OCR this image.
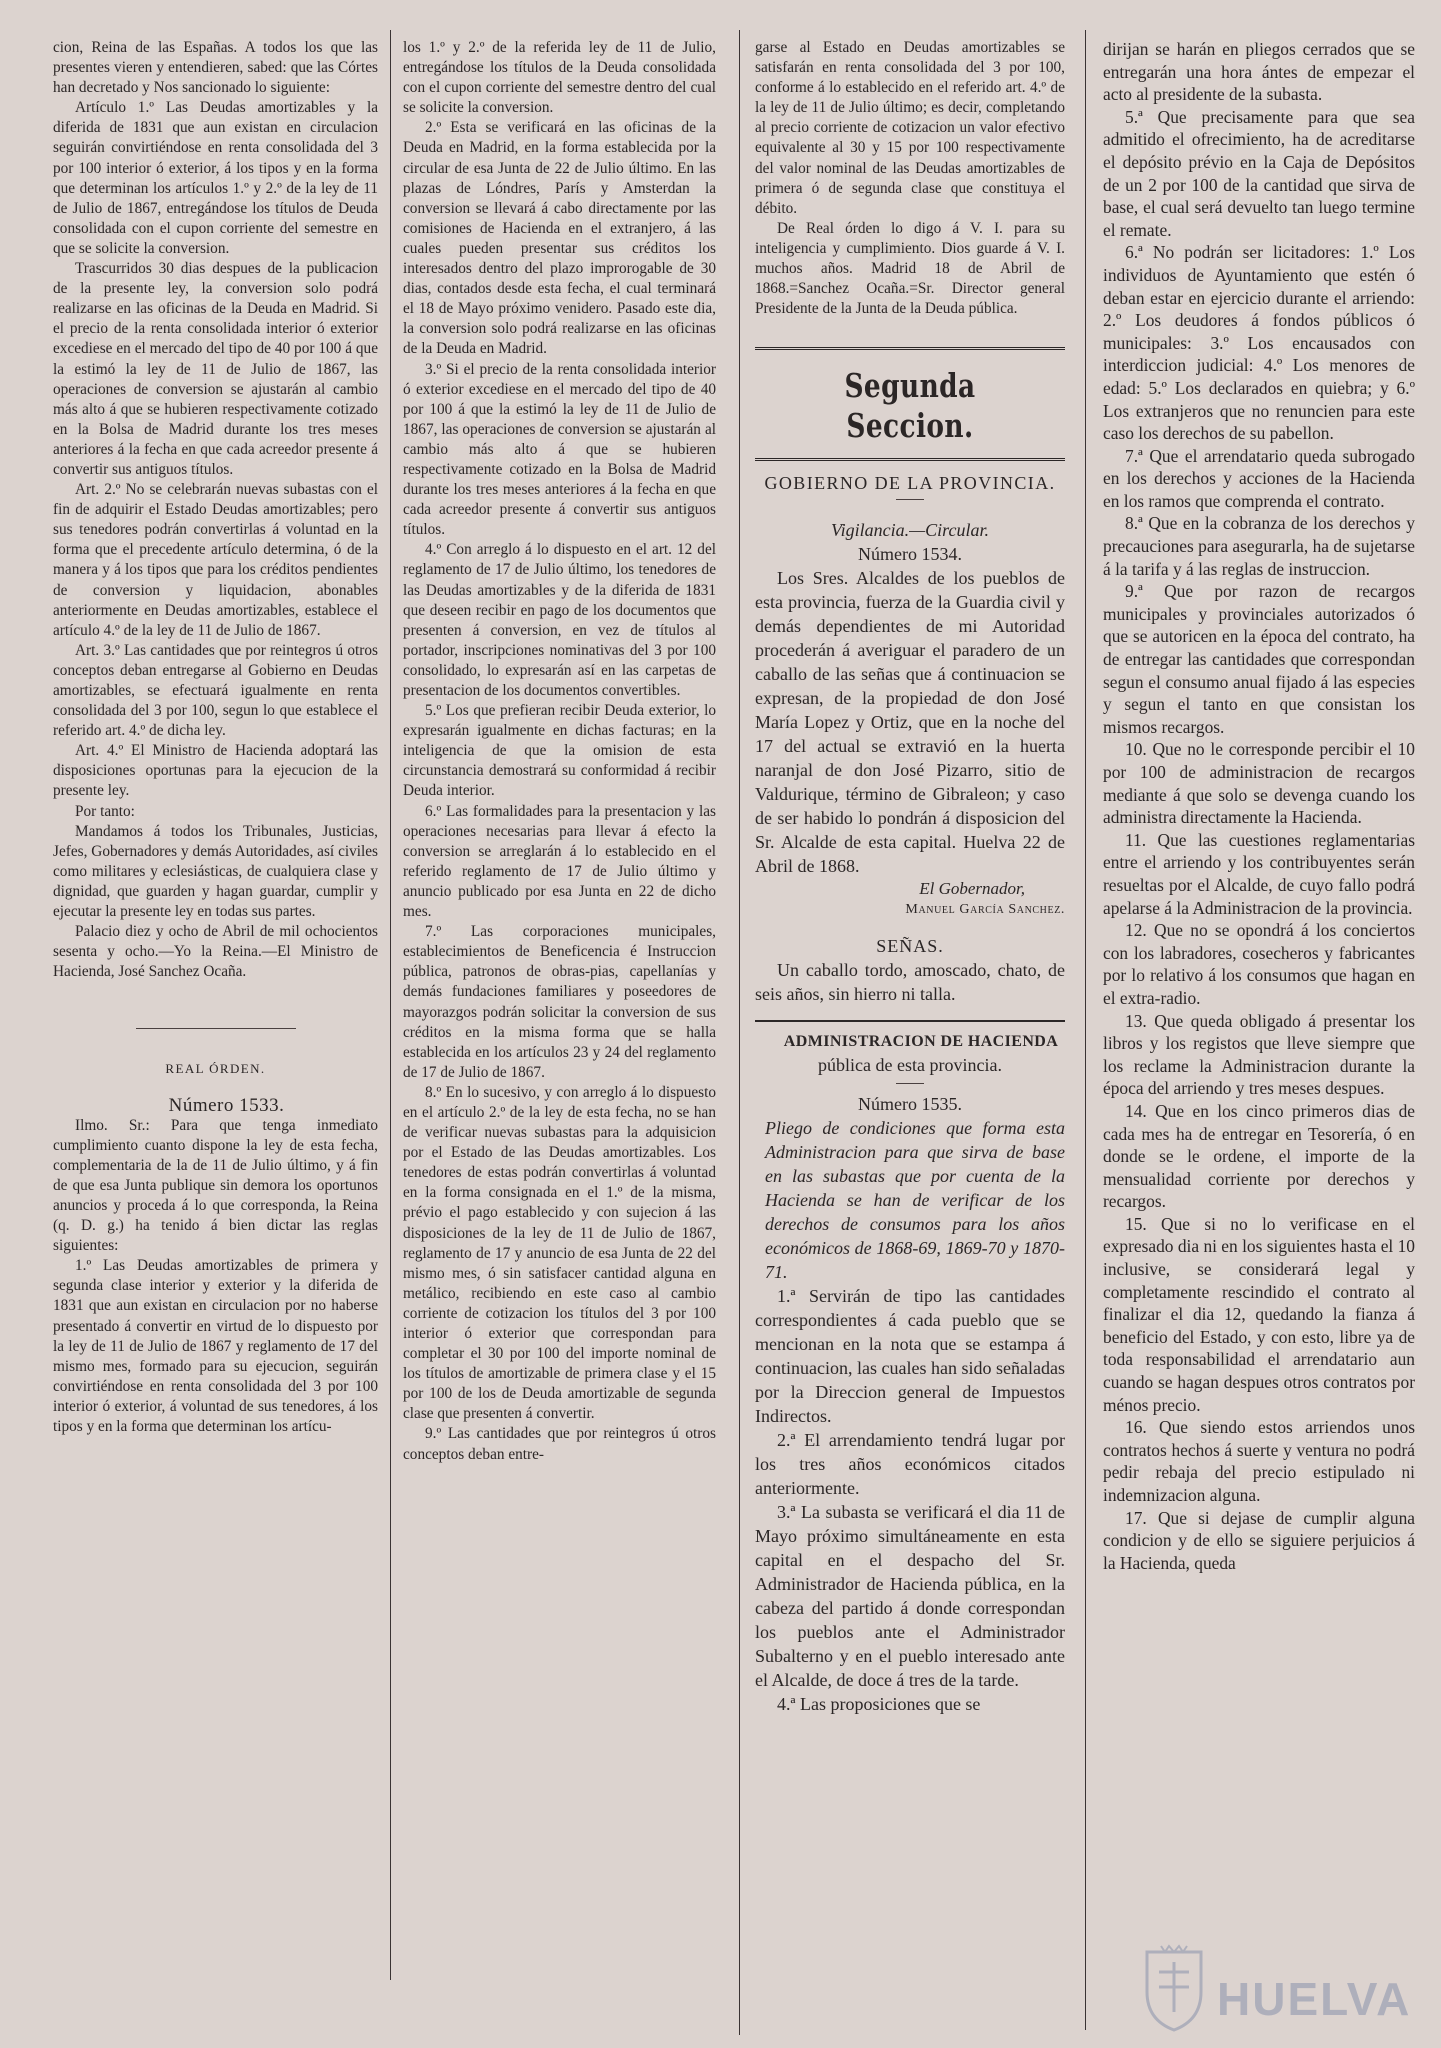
cion, Reina de las Españas. A todos los que las presentes vieren y entendieren, sabed: que las Córtes han decretado y Nos sancionado lo siguiente:

Artículo 1.º Las Deudas amortizables y la diferida de 1831 que aun existan en circulacion seguirán convirtiéndose en renta consolidada del 3 por 100 interior ó exterior, á los tipos y en la forma que determinan los artículos 1.º y 2.º de la ley de 11 de Julio de 1867, entregándose los títulos de Deuda consolidada con el cupon corriente del semestre en que se solicite la conversion.

Trascurridos 30 dias despues de la publicacion de la presente ley, la conversion solo podrá realizarse en las oficinas de la Deuda en Madrid. Si el precio de la renta consolidada interior ó exterior excediese en el mercado del tipo de 40 por 100 á que la estimó la ley de 11 de Julio de 1867, las operaciones de conversion se ajustarán al cambio más alto á que se hubieren respectivamente cotizado en la Bolsa de Madrid durante los tres meses anteriores á la fecha en que cada acreedor presente á convertir sus antiguos títulos.

Art. 2.º No se celebrarán nuevas subastas con el fin de adquirir el Estado Deudas amortizables; pero sus tenedores podrán convertirlas á voluntad en la forma que el precedente artículo determina, ó de la manera y á los tipos que para los créditos pendientes de conversion y liquidacion, abonables anteriormente en Deudas amortizables, establece el artículo 4.º de la ley de 11 de Julio de 1867.

Art. 3.º Las cantidades que por reintegros ú otros conceptos deban entregarse al Gobierno en Deudas amortizables, se efectuará igualmente en renta consolidada del 3 por 100, segun lo que establece el referido art. 4.º de dicha ley.

Art. 4.º El Ministro de Hacienda adoptará las disposiciones oportunas para la ejecucion de la presente ley.

Por tanto:

Mandamos á todos los Tribunales, Justicias, Jefes, Gobernadores y demás Autoridades, así civiles como militares y eclesiásticas, de cualquiera clase y dignidad, que guarden y hagan guardar, cumplir y ejecutar la presente ley en todas sus partes.

Palacio diez y ocho de Abril de mil ochocientos sesenta y ocho.—Yo la Reina.—El Ministro de Hacienda, José Sanchez Ocaña.

REAL ÓRDEN.

Número 1533.

Ilmo. Sr.: Para que tenga inmediato cumplimiento cuanto dispone la ley de esta fecha, complementaria de la de 11 de Julio último, y á fin de que esa Junta publique sin demora los oportunos anuncios y proceda á lo que corresponda, la Reina (q. D. g.) ha tenido á bien dictar las reglas siguientes:

1.º Las Deudas amortizables de primera y segunda clase interior y exterior y la diferida de 1831 que aun existan en circulacion por no haberse presentado á convertir en virtud de lo dispuesto por la ley de 11 de Julio de 1867 y reglamento de 17 del mismo mes, formado para su ejecucion, seguirán convirtiéndose en renta consolidada del 3 por 100 interior ó exterior, á voluntad de sus tenedores, á los tipos y en la forma que determinan los artícu-

los 1.º y 2.º de la referida ley de 11 de Julio, entregándose los títulos de la Deuda consolidada con el cupon corriente del semestre dentro del cual se solicite la conversion.

2.º Esta se verificará en las oficinas de la Deuda en Madrid, en la forma establecida por la circular de esa Junta de 22 de Julio último. En las plazas de Lóndres, París y Amsterdan la conversion se llevará á cabo directamente por las comisiones de Hacienda en el extranjero, á las cuales pueden presentar sus créditos los interesados dentro del plazo improrogable de 30 dias, contados desde esta fecha, el cual terminará el 18 de Mayo próximo venidero. Pasado este dia, la conversion solo podrá realizarse en las oficinas de la Deuda en Madrid.

3.º Si el precio de la renta consolidada interior ó exterior excediese en el mercado del tipo de 40 por 100 á que la estimó la ley de 11 de Julio de 1867, las operaciones de conversion se ajustarán al cambio más alto á que se hubieren respectivamente cotizado en la Bolsa de Madrid durante los tres meses anteriores á la fecha en que cada acreedor presente á convertir sus antiguos títulos.

4.º Con arreglo á lo dispuesto en el art. 12 del reglamento de 17 de Julio último, los tenedores de las Deudas amortizables y de la diferida de 1831 que deseen recibir en pago de los documentos que presenten á conversion, en vez de títulos al portador, inscripciones nominativas del 3 por 100 consolidado, lo expresarán así en las carpetas de presentacion de los documentos convertibles.

5.º Los que prefieran recibir Deuda exterior, lo expresarán igualmente en dichas facturas; en la inteligencia de que la omision de esta circunstancia demostrará su conformidad á recibir Deuda interior.

6.º Las formalidades para la presentacion y las operaciones necesarias para llevar á efecto la conversion se arreglarán á lo establecido en el referido reglamento de 17 de Julio último y anuncio publicado por esa Junta en 22 de dicho mes.

7.º Las corporaciones municipales, establecimientos de Beneficencia é Instruccion pública, patronos de obras-pias, capellanías y demás fundaciones familiares y poseedores de mayorazgos podrán solicitar la conversion de sus créditos en la misma forma que se halla establecida en los artículos 23 y 24 del reglamento de 17 de Julio de 1867.

8.º En lo sucesivo, y con arreglo á lo dispuesto en el artículo 2.º de la ley de esta fecha, no se han de verificar nuevas subastas para la adquisicion por el Estado de las Deudas amortizables. Los tenedores de estas podrán convertirlas á voluntad en la forma consignada en el 1.º de la misma, prévio el pago establecido y con sujecion á las disposiciones de la ley de 11 de Julio de 1867, reglamento de 17 y anuncio de esa Junta de 22 del mismo mes, ó sin satisfacer cantidad alguna en metálico, recibiendo en este caso al cambio corriente de cotizacion los títulos del 3 por 100 interior ó exterior que correspondan para completar el 30 por 100 del importe nominal de los títulos de amortizable de primera clase y el 15 por 100 de los de Deuda amortizable de segunda clase que presenten á convertir.

9.º Las cantidades que por reintegros ú otros conceptos deban entre-

garse al Estado en Deudas amortizables se satisfarán en renta consolidada del 3 por 100, conforme á lo establecido en el referido art. 4.º de la ley de 11 de Julio último; es decir, completando al precio corriente de cotizacion un valor efectivo equivalente al 30 y 15 por 100 respectivamente del valor nominal de las Deudas amortizables de primera ó de segunda clase que constituya el débito.

De Real órden lo digo á V. I. para su inteligencia y cumplimiento. Dios guarde á V. I. muchos años. Madrid 18 de Abril de 1868.=Sanchez Ocaña.=Sr. Director general Presidente de la Junta de la Deuda pública.

Segunda Seccion.

GOBIERNO DE LA PROVINCIA.

Vigilancia.—Circular.

Número 1534.

Los Sres. Alcaldes de los pueblos de esta provincia, fuerza de la Guardia civil y demás dependientes de mi Autoridad procederán á averiguar el paradero de un caballo de las señas que á continuacion se expresan, de la propiedad de don José María Lopez y Ortiz, que en la noche del 17 del actual se extravió en la huerta naranjal de don José Pizarro, sitio de Valdurique, término de Gibraleon; y caso de ser habido lo pondrán á disposicion del Sr. Alcalde de esta capital. Huelva 22 de Abril de 1868.

El Gobernador,

Manuel García Sanchez.

SEÑAS.

Un caballo tordo, amoscado, chato, de seis años, sin hierro ni talla.

ADMINISTRACION DE HACIENDA

pública de esta provincia.

Número 1535.

Pliego de condiciones que forma esta Administracion para que sirva de base en las subastas que por cuenta de la Hacienda se han de verificar de los derechos de consumos para los años económicos de 1868-69, 1869-70 y 1870-71.

1.ª Servirán de tipo las cantidades correspondientes á cada pueblo que se mencionan en la nota que se estampa á continuacion, las cuales han sido señaladas por la Direccion general de Impuestos Indirectos.

2.ª El arrendamiento tendrá lugar por los tres años económicos citados anteriormente.

3.ª La subasta se verificará el dia 11 de Mayo próximo simultáneamente en esta capital en el despacho del Sr. Administrador de Hacienda pública, en la cabeza del partido á donde correspondan los pueblos ante el Administrador Subalterno y en el pueblo interesado ante el Alcalde, de doce á tres de la tarde.

4.ª Las proposiciones que se

dirijan se harán en pliegos cerrados que se entregarán una hora ántes de empezar el acto al presidente de la subasta.

5.ª Que precisamente para que sea admitido el ofrecimiento, ha de acreditarse el depósito prévio en la Caja de Depósitos de un 2 por 100 de la cantidad que sirva de base, el cual será devuelto tan luego termine el remate.

6.ª No podrán ser licitadores: 1.º Los individuos de Ayuntamiento que estén ó deban estar en ejercicio durante el arriendo: 2.º Los deudores á fondos públicos ó municipales: 3.º Los encausados con interdiccion judicial: 4.º Los menores de edad: 5.º Los declarados en quiebra; y 6.º Los extranjeros que no renuncien para este caso los derechos de su pabellon.

7.ª Que el arrendatario queda subrogado en los derechos y acciones de la Hacienda en los ramos que comprenda el contrato.

8.ª Que en la cobranza de los derechos y precauciones para asegurarla, ha de sujetarse á la tarifa y á las reglas de instruccion.

9.ª Que por razon de recargos municipales y provinciales autorizados ó que se autoricen en la época del contrato, ha de entregar las cantidades que correspondan segun el consumo anual fijado á las especies y segun el tanto en que consistan los mismos recargos.

10. Que no le corresponde percibir el 10 por 100 de administracion de recargos mediante á que solo se devenga cuando los administra directamente la Hacienda.

11. Que las cuestiones reglamentarias entre el arriendo y los contribuyentes serán resueltas por el Alcalde, de cuyo fallo podrá apelarse á la Administracion de la provincia.

12. Que no se opondrá á los conciertos con los labradores, cosecheros y fabricantes por lo relativo á los consumos que hagan en el extra-radio.

13. Que queda obligado á presentar los libros y los registos que lleve siempre que los reclame la Administracion durante la época del arriendo y tres meses despues.

14. Que en los cinco primeros dias de cada mes ha de entregar en Tesorería, ó en donde se le ordene, el importe de la mensualidad corriente por derechos y recargos.

15. Que si no lo verificase en el expresado dia ni en los siguientes hasta el 10 inclusive, se considerará legal y completamente rescindido el contrato al finalizar el dia 12, quedando la fianza á beneficio del Estado, y con esto, libre ya de toda responsabilidad el arrendatario aun cuando se hagan despues otros contratos por ménos precio.

16. Que siendo estos arriendos unos contratos hechos á suerte y ventura no podrá pedir rebaja del precio estipulado ni indemnizacion alguna.

17. Que si dejase de cumplir alguna condicion y de ello se siguiere perjuicios á la Hacienda, queda

HUELVA
